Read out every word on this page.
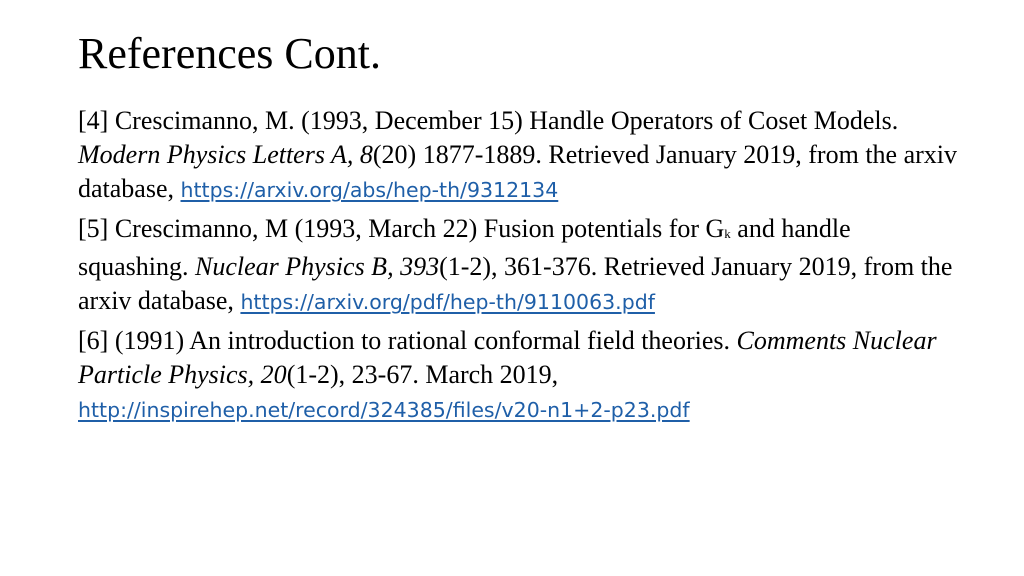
References Cont.
[4] Crescimanno, M. (1993, December 15) Handle Operators of Coset Models. Modern Physics Letters A, 8(20) 1877-1889. Retrieved January 2019, from the arxiv database, https://arxiv.org/abs/hep-th/9312134
[5] Crescimanno, M (1993, March 22) Fusion potentials for $G_k$ and handle squashing. Nuclear Physics B, 393(1-2), 361-376. Retrieved January 2019, from the arxiv database, https://arxiv.org/pdf/hep-th/9110063.pdf
[6] (1991) An introduction to rational conformal field theories. Comments Nuclear Particle Physics, 20(1-2), 23-67. March 2019, http://inspirehep.net/record/324385/files/v20-n1+2-p23.pdf
